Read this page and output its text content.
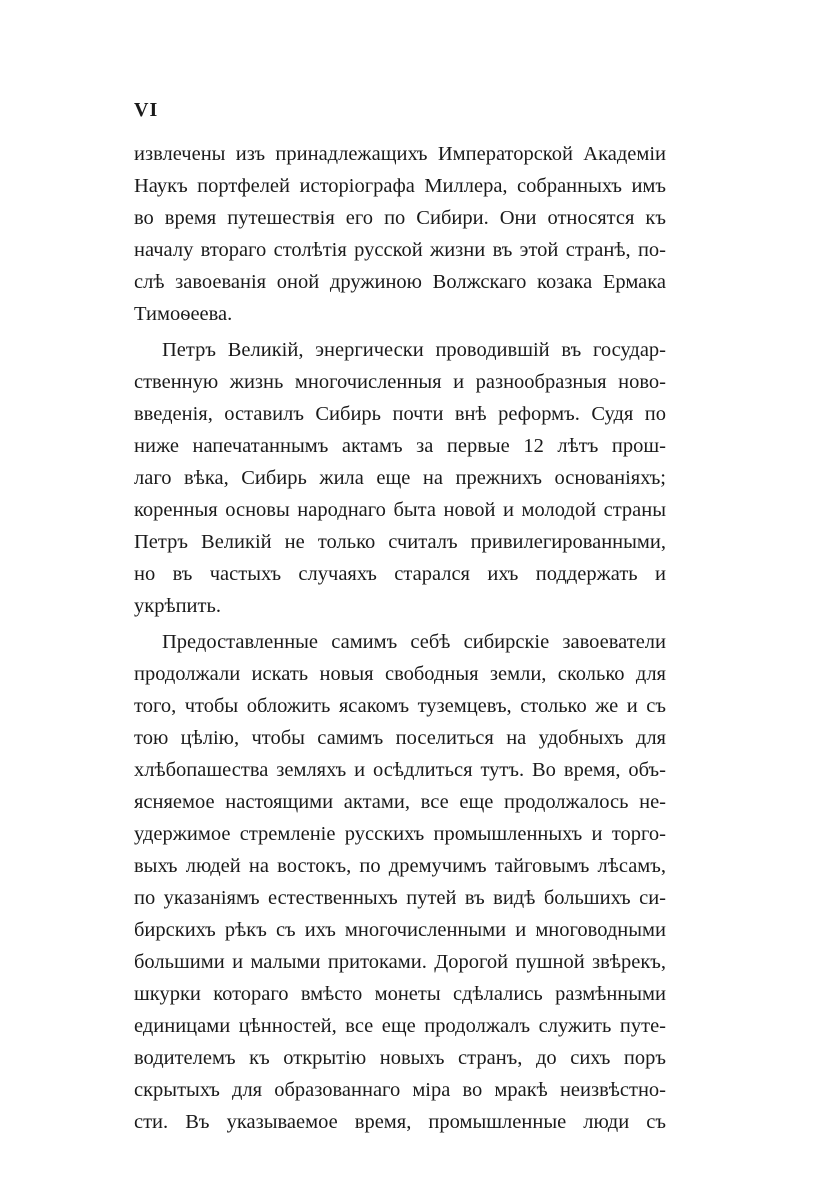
VI
извлечены изъ принадлежащихъ Императорской Академіи
Наукъ портфелей исторіографа Миллера, собранныхъ имъ
во время путешествія его по Сибири. Они относятся къ
началу втораго столѣтія русской жизни въ этой странѣ, по-
слѣ завоеванія оной дружиною Волжскаго козака Ермака
Тимоѳеева.
Петръ Великій, энергически проводившій въ государ-
ственную жизнь многочисленныя и разнообразныя ново-
введенія, оставилъ Сибирь почти внѣ реформъ. Судя по
ниже напечатаннымъ актамъ за первые 12 лѣтъ прош-
лаго вѣка, Сибирь жила еще на прежнихъ основаніяхъ;
коренныя основы народнаго быта новой и молодой страны
Петръ Великій не только считалъ привилегированными,
но въ частыхъ случаяхъ старался ихъ поддержать и
укрѣпить.
Предоставленные самимъ себѣ сибирскіе завоеватели
продолжали искать новыя свободныя земли, сколько для
того, чтобы обложить ясакомъ туземцевъ, столько же и съ
тою цѣлію, чтобы самимъ поселиться на удобныхъ для
хлѣбопашества земляхъ и осѣдлиться тутъ. Во время, объ-
ясняемое настоящими актами, все еще продолжалось не-
удержимое стремленіе русскихъ промышленныхъ и торго-
выхъ людей на востокъ, по дремучимъ тайговымъ лѣсамъ,
по указаніямъ естественныхъ путей въ видѣ большихъ си-
бирскихъ рѣкъ съ ихъ многочисленными и многоводными
большими и малыми притоками. Дорогой пушной звѣрекъ,
шкурки котораго вмѣсто монеты сдѣлались размѣнными
единицами цѣнностей, все еще продолжалъ служить путе-
водителемъ къ открытію новыхъ странъ, до сихъ поръ
скрытыхъ для образованнаго міра во мракѣ неизвѣстно-
сти. Въ указываемое время, промышленные люди съ
